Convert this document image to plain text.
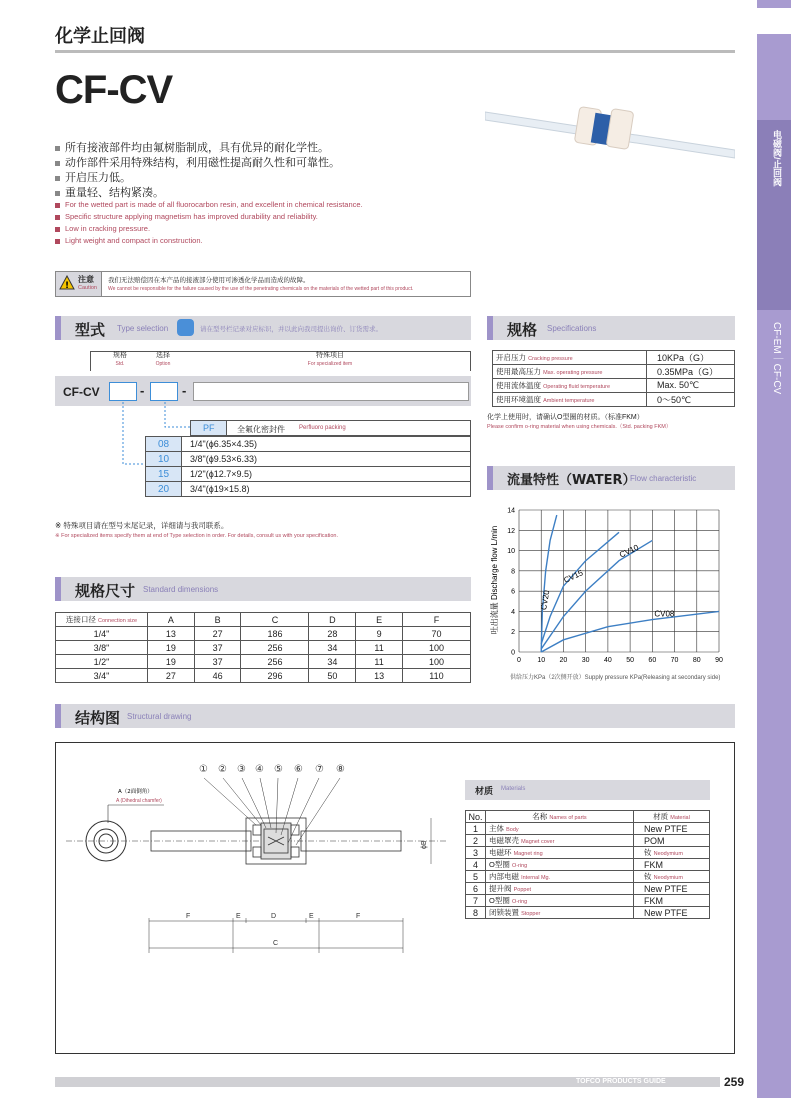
电磁阀/止回阀
CF-EM｜CF-CV
化学止回阀
CF-CV
所有接液部件均由氟树脂制成，具有优异的耐化学性。
动作部件采用特殊结构，利用磁性提高耐久性和可靠性。
开启压力低。
重量轻、结构紧凑。
For the wetted part is made of all fluorocarbon resin, and excellent in chemical resistance.
Specific structure applying magnetism has improved durability and reliability.
Low in cracking pressure.
Light weight and compact in construction.
!
注意
Caution
我们无法赔偿因在本产品的接液部分使用可渗透化学品而造成的故障。
We cannot be responsible for the failure caused by the use of the penetrating chemicals on the materials of the wetted part of this product.
型式 Type selection	请在型号栏记录对应标识，并以此向我司提出询价、订货需求。
规格
Std.
选择
Option
特殊项目
For specialized item
CF-CV	-	-
PF	全氟化密封件 Perfluoro packing
08	1/4"(ϕ6.35×4.35)
10	3/8"(ϕ9.53×6.33)
15	1/2"(ϕ12.7×9.5)
20	3/4"(ϕ19×15.8)
※ 特殊项目请在型号末尾记录，详细请与我司联系。
※ For specialized items specify them at end of Type selection in order. For details, consult us with your specification.
规格 Specifications
开启压力 Cracking pressure	10KPa（G）
使用最高压力 Max. operating pressure	0.35MPa（G）
使用流体温度 Operating fluid temperature	Max. 50℃
使用环境温度 Ambient temperature	0～50℃
化学上使用时，请确认O型圈的材质。（标准FKM）
Please confirm o-ring material when using chemicals.（Std. packing FKM）
流量特性（WATER）
Flow characteristic
0 10 20 30 40 50 60 70 80 90
0
2
4
6
8
10
12
14
CV20
CV15
CV10
CV08
吐出流量 Discharge flow L/min
供给压力KPa（2次侧开放）Supply pressure KPa(Releasing at secondary side)
规格尺寸 Standard dimensions
连接口径 Connection size	A	B	C	D	E	F
1/4"	13	27	186	28	9	70
3/8"	19	37	256	34	11	100
1/2"	19	37	256	34	11	100
3/4"	27	46	296	50	13	110
结构图 Structural drawing
① ② ③ ④ ⑤ ⑥ ⑦ ⑧
A（2面倒角）
A (Dihedral chamfer)
F	E	D	E	F
C
ϕB
材质 Materials
No.	名称 Names of parts	材质 Material
1	主体 Body	New PTFE
2	电磁罩壳 Magnet cover	POM
3	电磁环 Magnet ring	钕 Neodymium
4	O型圈 O-ring	FKM
5	内部电磁 Internal Mg.	钕 Neodymium
6	提升阀 Poppet	New PTFE
7	O型圈 O-ring	FKM
8	闭锁装置 Stopper	New PTFE
TOFCO PRODUCTS GUIDE	259
